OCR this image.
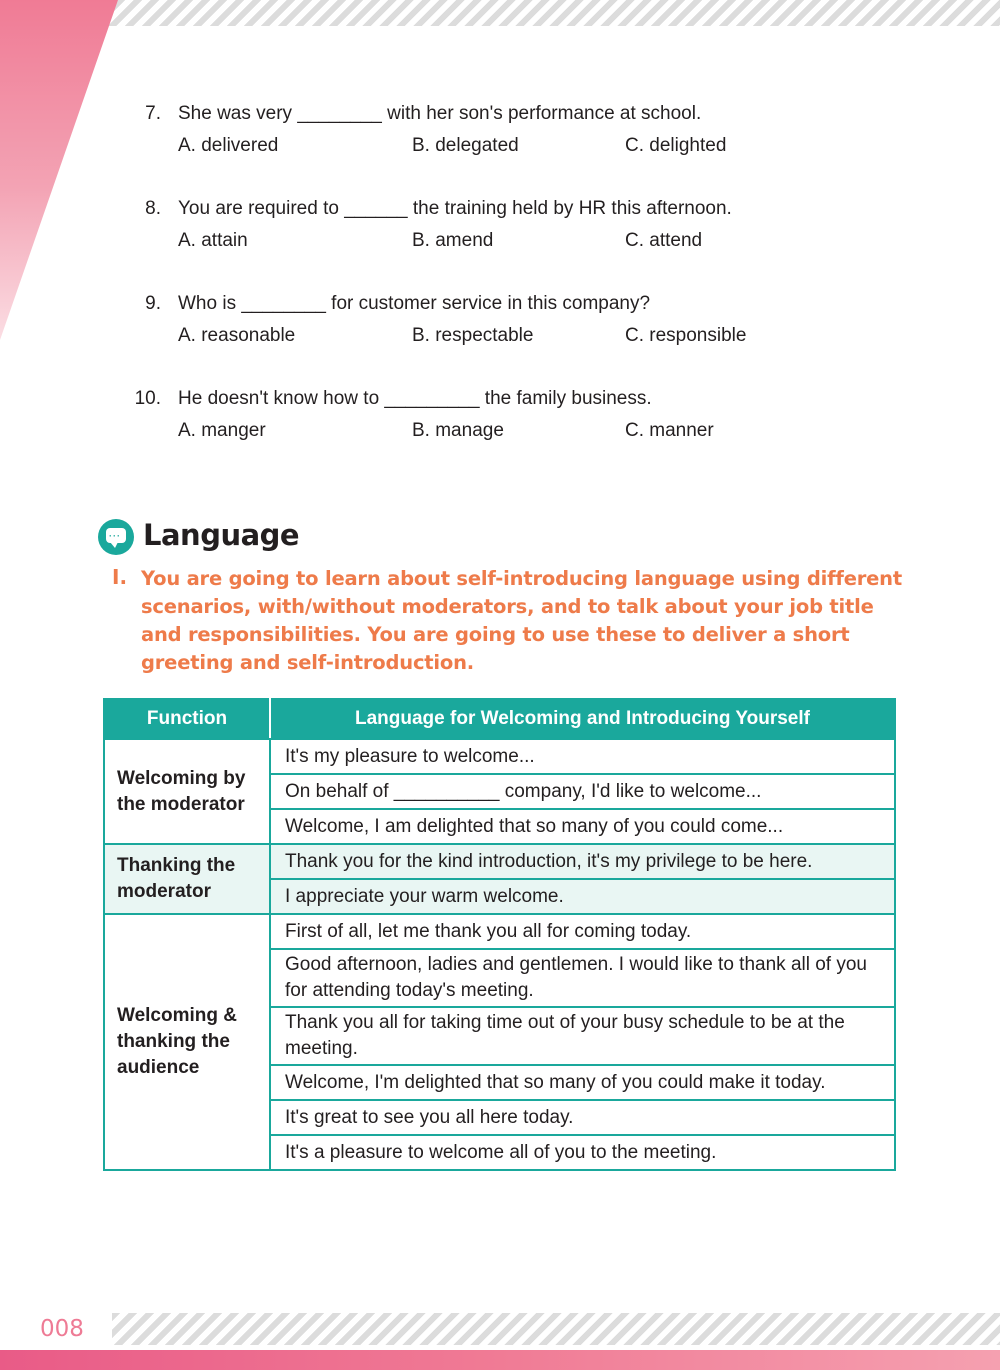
7. She was very ________ with her son's performance at school.
A. delivered	B. delegated	C. delighted
8. You are required to ______ the training held by HR this afternoon.
A. attain	B. amend	C. attend
9. Who is ________ for customer service in this company?
A. reasonable	B. respectable	C. responsible
10. He doesn't know how to _________ the family business.
A. manger	B. manage	C. manner
··· Language
I. You are going to learn about self-introducing language using different scenarios, with/without moderators, and to talk about your job title and responsibilities. You are going to use these to deliver a short greeting and self-introduction.
Function	Language for Welcoming and Introducing Yourself
Welcoming by the moderator	It's my pleasure to welcome...
	On behalf of __________ company, I'd like to welcome...
	Welcome, I am delighted that so many of you could come...
Thanking the moderator	Thank you for the kind introduction, it's my privilege to be here.
	I appreciate your warm welcome.
Welcoming & thanking the audience	First of all, let me thank you all for coming today.
	Good afternoon, ladies and gentlemen. I would like to thank all of you for attending today's meeting.
	Thank you all for taking time out of your busy schedule to be at the meeting.
	Welcome, I'm delighted that so many of you could make it today.
	It's great to see you all here today.
	It's a pleasure to welcome all of you to the meeting.
008
